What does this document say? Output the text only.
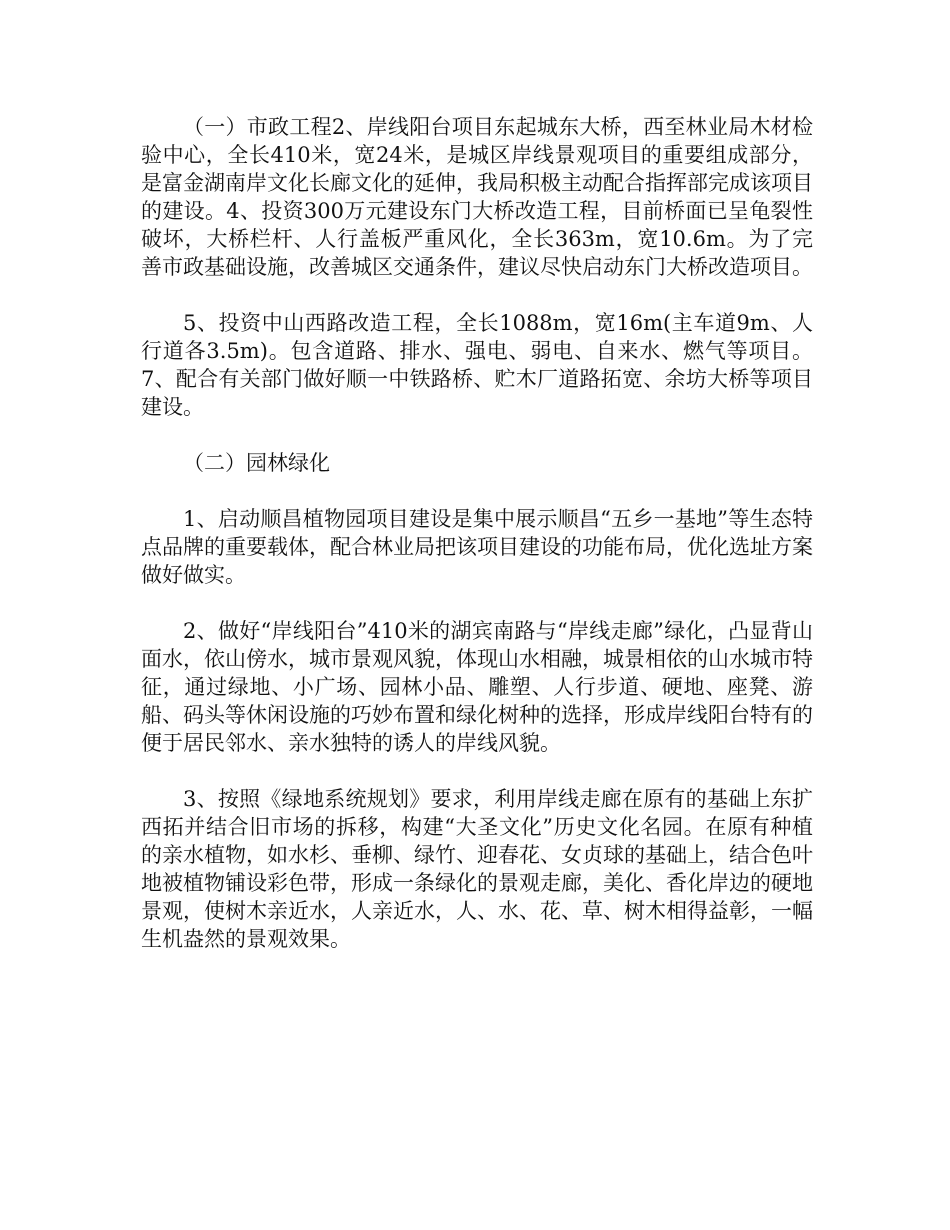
（一）市政工程2、岸线阳台项目东起城东大桥，西至林业局木材检验中心，全长410米，宽24米，是城区岸线景观项目的重要组成部分，是富金湖南岸文化长廊文化的延伸，我局积极主动配合指挥部完成该项目的建设。4、投资300万元建设东门大桥改造工程，目前桥面已呈龟裂性破坏，大桥栏杆、人行盖板严重风化，全长363m，宽10.6m。为了完善市政基础设施，改善城区交通条件，建议尽快启动东门大桥改造项目。

5、投资中山西路改造工程，全长1088m，宽16m(主车道9m、人行道各3.5m)。包含道路、排水、强电、弱电、自来水、燃气等项目。7、配合有关部门做好顺一中铁路桥、贮木厂道路拓宽、余坊大桥等项目建设。

（二）园林绿化

1、启动顺昌植物园项目建设是集中展示顺昌“五乡一基地”等生态特点品牌的重要载体，配合林业局把该项目建设的功能布局，优化选址方案做好做实。

2、做好“岸线阳台”410米的湖宾南路与“岸线走廊”绿化，凸显背山面水，依山傍水，城市景观风貌，体现山水相融，城景相依的山水城市特征，通过绿地、小广场、园林小品、雕塑、人行步道、硬地、座凳、游船、码头等休闲设施的巧妙布置和绿化树种的选择，形成岸线阳台特有的便于居民邻水、亲水独特的诱人的岸线风貌。

3、按照《绿地系统规划》要求，利用岸线走廊在原有的基础上东扩西拓并结合旧市场的拆移，构建“大圣文化”历史文化名园。在原有种植的亲水植物，如水杉、垂柳、绿竹、迎春花、女贞球的基础上，结合色叶地被植物铺设彩色带，形成一条绿化的景观走廊，美化、香化岸边的硬地景观，使树木亲近水，人亲近水，人、水、花、草、树木相得益彰，一幅生机盎然的景观效果。
